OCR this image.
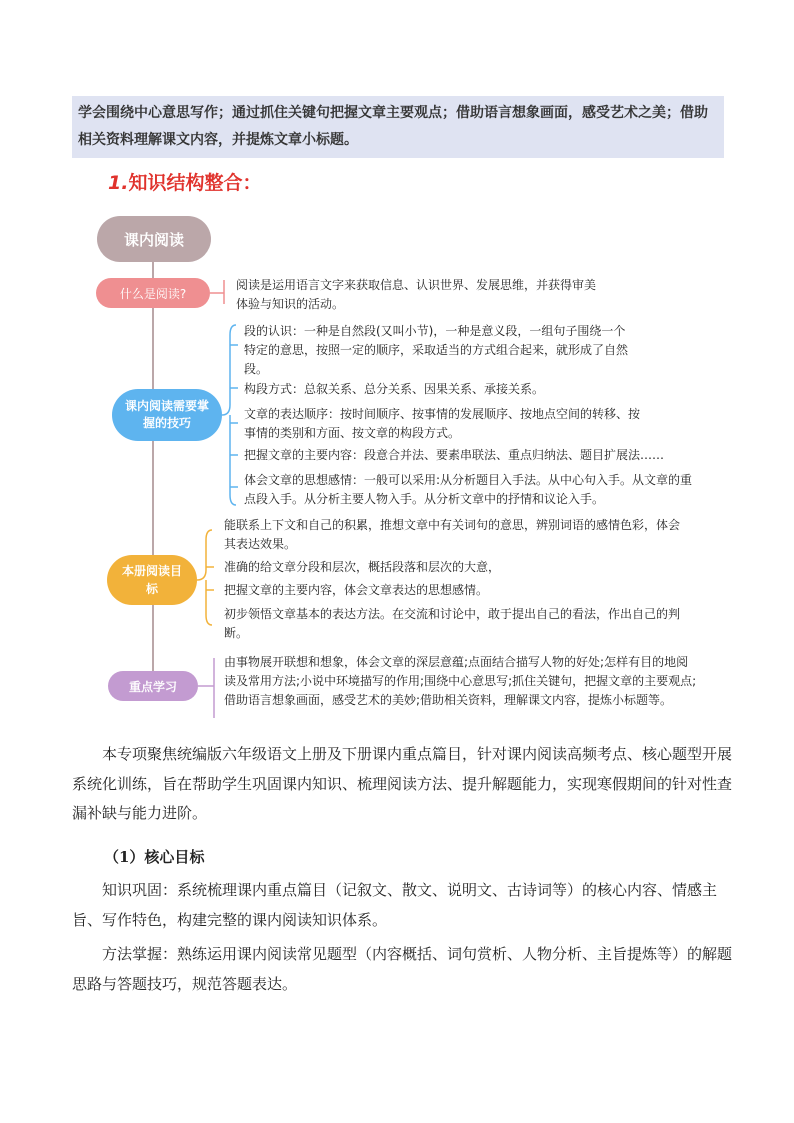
学会围绕中心意思写作；通过抓住关键句把握文章主要观点；借助语言想象画面，感受艺术之美；借助相关资料理解课文内容，并提炼文章小标题。
1.知识结构整合：
课内阅读
什么是阅读?

阅读是运用语言文字来获取信息、认识世界、发展思维，并获得审美体验与知识的活动。

课内阅读需要掌握的技巧

段的认识：一种是自然段(又叫小节)，一种是意义段，一组句子围绕一个特定的意思，按照一定的顺序，采取适当的方式组合起来，就形成了自然段。

构段方式：总叙关系、总分关系、因果关系、承接关系。

文章的表达顺序：按时间顺序、按事情的发展顺序、按地点空间的转移、按事情的类别和方面、按文章的构段方式。

把握文章的主要内容：段意合并法、要素串联法、重点归纳法、题目扩展法……

体会文章的思想感情：一般可以采用:从分析题目入手法。从中心句入手。从文章的重点段入手。从分析主要人物入手。从分析文章中的抒情和议论入手。

本册阅读目标

能联系上下文和自己的积累，推想文章中有关词句的意思，辨别词语的感情色彩，体会其表达效果。

准确的给文章分段和层次，概括段落和层次的大意，

把握文章的主要内容，体会文章表达的思想感情。

初步领悟文章基本的表达方法。在交流和讨论中，敢于提出自己的看法，作出自己的判断。

重点学习

由事物展开联想和想象，体会文章的深层意蕴;点面结合描写人物的好处;怎样有目的地阅读及常用方法;小说中环境描写的作用;围绕中心意思写;抓住关键句，把握文章的主要观点;借助语言想象画面，感受艺术的美妙;借助相关资料，理解课文内容，提炼小标题等。

本专项聚焦统编版六年级语文上册及下册课内重点篇目，针对课内阅读高频考点、核心题型开展系统化训练，旨在帮助学生巩固课内知识、梳理阅读方法、提升解题能力，实现寒假期间的针对性查漏补缺与能力进阶。

（1）核心目标

知识巩固：系统梳理课内重点篇目（记叙文、散文、说明文、古诗词等）的核心内容、情感主旨、写作特色，构建完整的课内阅读知识体系。

方法掌握：熟练运用课内阅读常见题型（内容概括、词句赏析、人物分析、主旨提炼等）的解题思路与答题技巧，规范答题表达。
